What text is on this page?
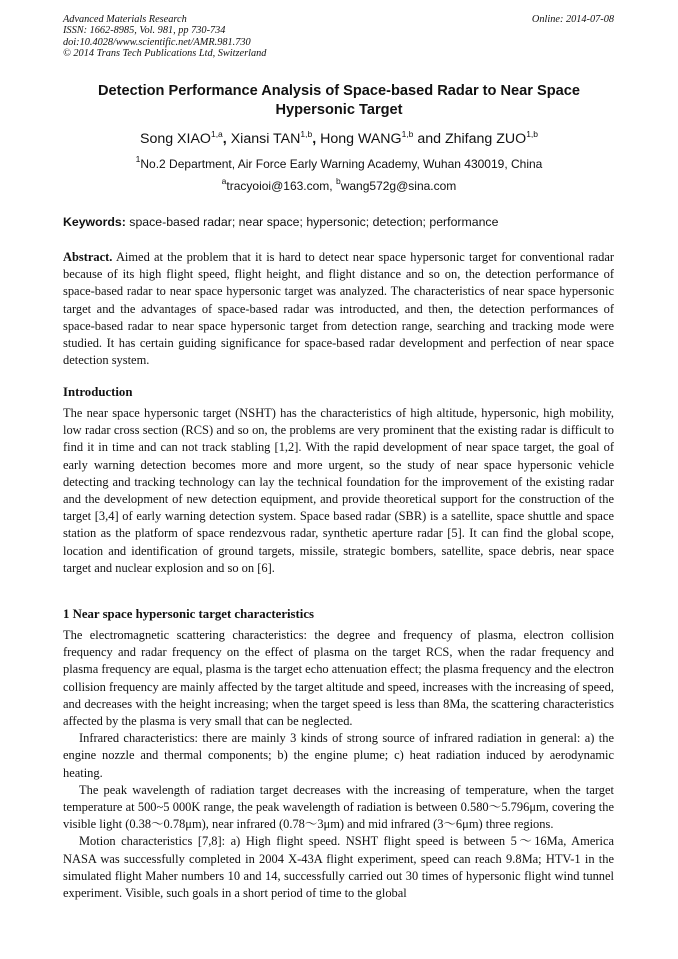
Advanced Materials Research
ISSN: 1662-8985, Vol. 981, pp 730-734
doi:10.4028/www.scientific.net/AMR.981.730
© 2014 Trans Tech Publications Ltd, Switzerland
Online: 2014-07-08
Detection Performance Analysis of Space-based Radar to Near Space Hypersonic Target
Song XIAO$^{1,a}$, Xiansi TAN$^{1,b}$, Hong WANG$^{1,b}$ and Zhifang ZUO$^{1,b}$
$^1$No.2 Department, Air Force Early Warning Academy, Wuhan 430019, China
$^a$tracyoioi@163.com, $^b$wang572g@sina.com
Keywords: space-based radar; near space; hypersonic; detection; performance
Abstract. Aimed at the problem that it is hard to detect near space hypersonic target for conventional radar because of its high flight speed, flight height, and flight distance and so on, the detection performance of space-based radar to near space hypersonic target was analyzed. The characteristics of near space hypersonic target and the advantages of space-based radar was introducted, and then, the detection performances of space-based radar to near space hypersonic target from detection range, searching and tracking mode were studied. It has certain guiding significance for space-based radar development and perfection of near space detection system.
Introduction
The near space hypersonic target (NSHT) has the characteristics of high altitude, hypersonic, high mobility, low radar cross section (RCS) and so on, the problems are very prominent that the existing radar is difficult to find it in time and can not track stabling [1,2]. With the rapid development of near space target, the goal of early warning detection becomes more and more urgent, so the study of near space hypersonic vehicle detecting and tracking technology can lay the technical foundation for the improvement of the existing radar and the development of new detection equipment, and provide theoretical support for the construction of the target [3,4] of early warning detection system. Space based radar (SBR) is a satellite, space shuttle and space station as the platform of space rendezvous radar, synthetic aperture radar [5]. It can find the global scope, location and identification of ground targets, missile, strategic bombers, satellite, space debris, near space target and nuclear explosion and so on [6].
1 Near space hypersonic target characteristics

The electromagnetic scattering characteristics: the degree and frequency of plasma, electron collision frequency and radar frequency on the effect of plasma on the target RCS, when the radar frequency and plasma frequency are equal, plasma is the target echo attenuation effect; the plasma frequency and the electron collision frequency are mainly affected by the target altitude and speed, increases with the increasing of speed, and decreases with the height increasing; when the target speed is less than 8Ma, the scattering characteristics affected by the plasma is very small that can be neglected.

Infrared characteristics: there are mainly 3 kinds of strong source of infrared radiation in general: a) the engine nozzle and thermal components; b) the engine plume; c) heat radiation induced by aerodynamic heating.

The peak wavelength of radiation target decreases with the increasing of temperature, when the target temperature at 500~5 000K range, the peak wavelength of radiation is between 0.580～5.796μm, covering the visible light (0.38～0.78μm), near infrared (0.78～3μm) and mid infrared (3～6μm) three regions.

Motion characteristics [7,8]: a) High flight speed. NSHT flight speed is between 5～16Ma, America NASA was successfully completed in 2004 X-43A flight experiment, speed can reach 9.8Ma; HTV-1 in the simulated flight Maher numbers 10 and 14, successfully carried out 30 times of hypersonic flight wind tunnel experiment. Visible, such goals in a short period of time to the global
